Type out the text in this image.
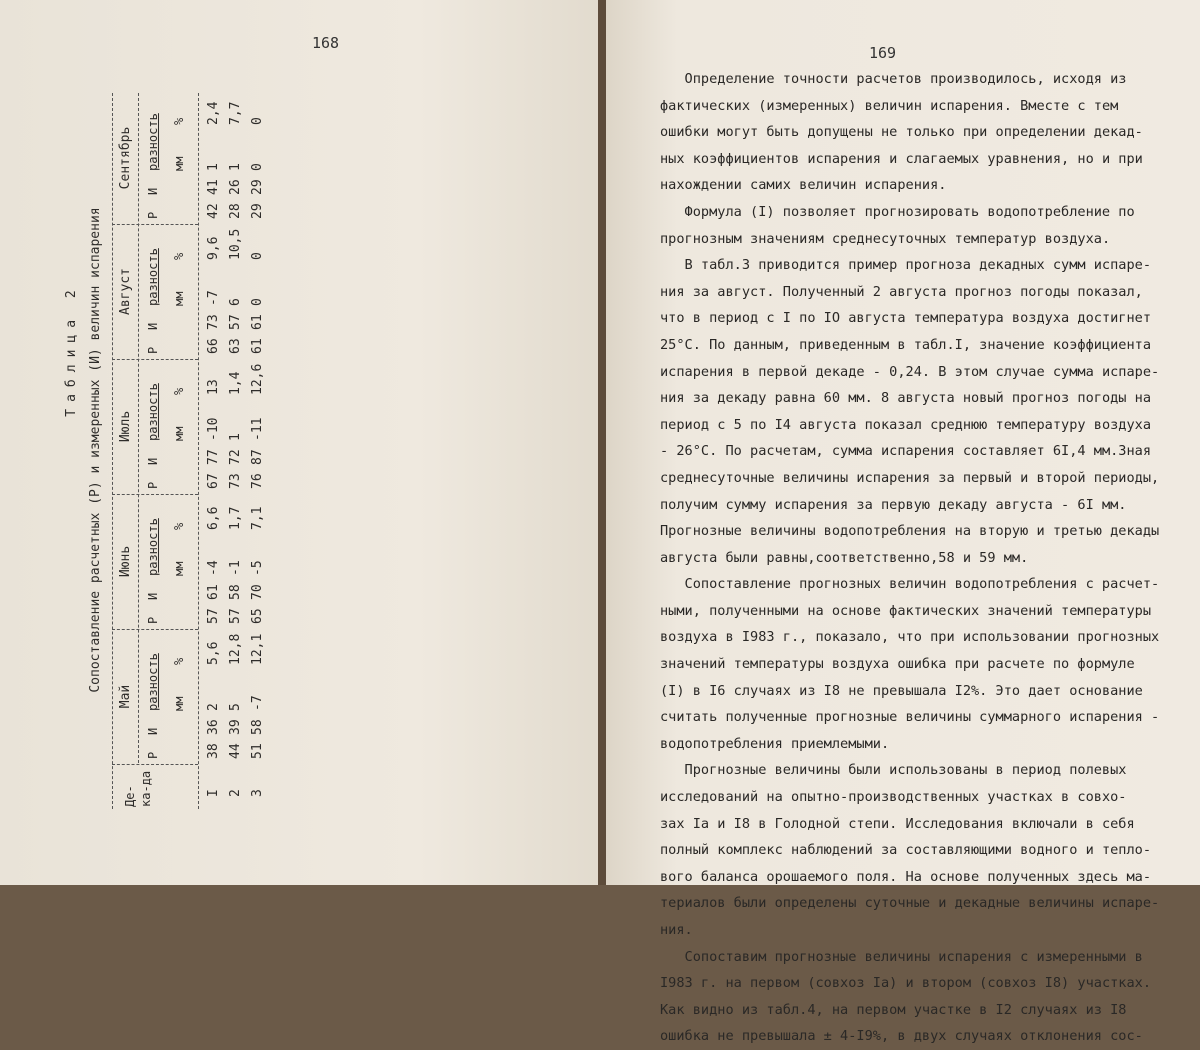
168
Таблица 2 Сопоставление расчетных (Р) и измеренных (И) величин испарения
Де-ка-да
Май
Июнь
Июль
Август
Сентябрь
Р
И
разность мм
%
Р
И
разность мм
%
Р
И
разность мм
%
Р
И
разность мм
%
Р
И
разность мм
%
I
38
36
2
5,6
57
61
-4
6,6
67
77
-10
13
66
73
-7
9,6
42
41
1
2,4
2
44
39
5
12,8
57
58
-1
1,7
73
72
1
1,4
63
57
6
10,5
28
26
1
7,7
3
51
58
-7
12,1
65
70
-5
7,1
76
87
-11
12,6
61
61
0
0
29
29
0
0
169
Определение точности расчетов производилось, исходя из
фактических (измеренных) величин испарения. Вместе с тем
ошибки могут быть допущены не только при определении декад-
ных коэффициентов испарения и слагаемых уравнения, но и при
нахождении самих величин испарения.
Формула (I) позволяет прогнозировать водопотребление по
прогнозным значениям среднесуточных температур воздуха.
В табл.3 приводится пример прогноза декадных сумм испаре-
ния за август. Полученный 2 августа прогноз погоды показал,
что в период с I по IO августа температура воздуха достигнет
25°С. По данным, приведенным в табл.I, значение коэффициента
испарения в первой декаде - 0,24. В этом случае сумма испаре-
ния за декаду равна 60 мм. 8 августа новый прогноз погоды на
период с 5 по I4 августа показал среднюю температуру воздуха
- 26°С. По расчетам, сумма испарения составляет 6I,4 мм.Зная
среднесуточные величины испарения за первый и второй периоды,
получим сумму испарения за первую декаду августа - 6I мм.
Прогнозные величины водопотребления на вторую и третью декады
августа были равны,соответственно,58 и 59 мм.
Сопоставление прогнозных величин водопотребления с расчет-
ными, полученными на основе фактических значений температуры
воздуха в I983 г., показало, что при использовании прогнозных
значений температуры воздуха ошибка при расчете по формуле
(I) в I6 случаях из I8 не превышала I2%. Это дает основание
считать полученные прогнозные величины суммарного испарения -
водопотребления приемлемыми.
Прогнозные величины были использованы в период полевых
исследований на опытно-производственных участках в совхо-
зах Iа и I8 в Голодной степи. Исследования включали в себя
полный комплекс наблюдений за составляющими водного и тепло-
вого баланса орошаемого поля. На основе полученных здесь ма-
териалов были определены суточные и декадные величины испаре-
ния.
Сопоставим прогнозные величины испарения с измеренными в
I983 г. на первом (совхоз Iа) и втором (совхоз I8) участках.
Как видно из табл.4, на первом участке в I2 случаях из I8
ошибка не превышала ± 4-I9%, в двух случаях отклонения сос-
